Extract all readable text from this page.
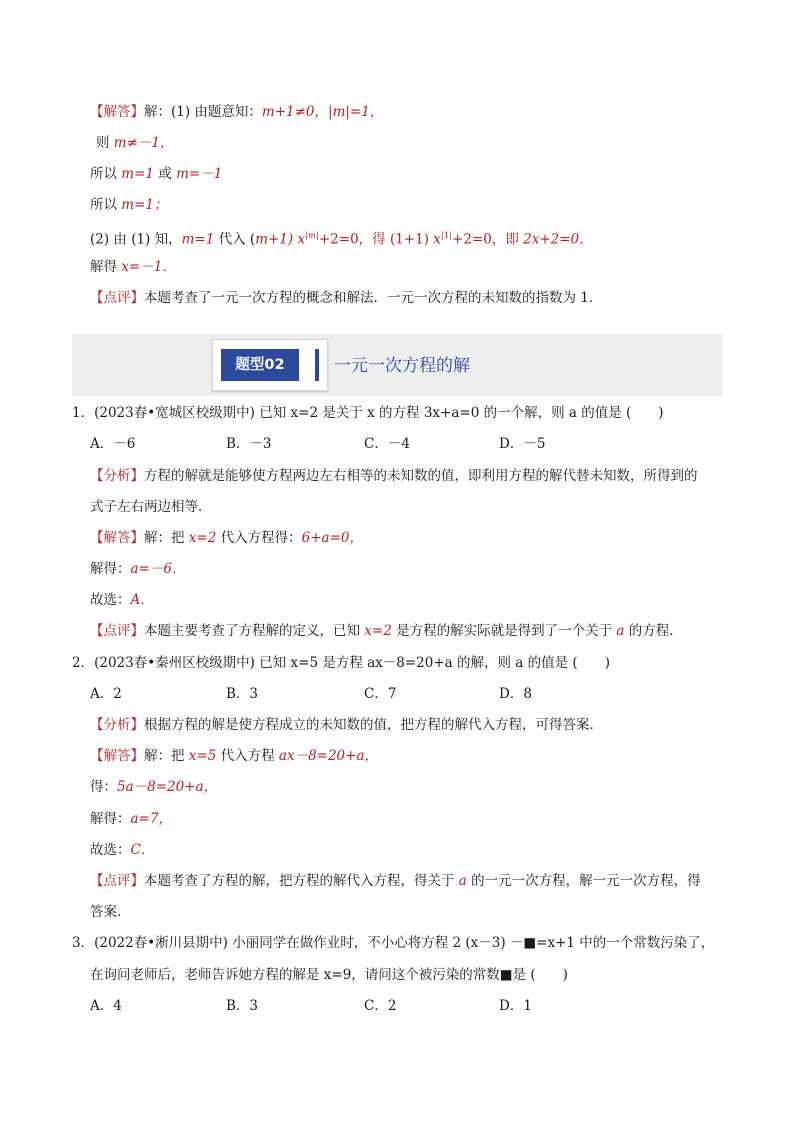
【解答】解：(1) 由题意知：m+1≠0，|m|=1，
则 m≠－1，
所以 m=1 或 m=－1
所以 m=1；
(2) 由 (1) 知，m=1 代入 (m+1) $x^{|m|}+2=0$，得 (1+1) $x^{|1|}+2=0$，即 2x+2=0．
解得 x=－1．
【点评】本题考查了一元一次方程的概念和解法．一元一次方程的未知数的指数为 1．
题型02	一元一次方程的解
1．(2023春•宽城区校级期中) 已知 x=2 是关于 x 的方程 3x+a=0 的一个解，则 a 的值是 (　　)
A．－6	B．－3	C．－4	D．－5
【分析】方程的解就是能够使方程两边左右相等的未知数的值，即利用方程的解代替未知数，所得到的
式子左右两边相等．
【解答】解：把 x=2 代入方程得：6+a=0，
解得：a=－6．
故选：A．
【点评】本题主要考查了方程解的定义，已知 x=2 是方程的解实际就是得到了一个关于 a 的方程．
2．(2023春•秦州区校级期中) 已知 x=5 是方程 ax－8=20+a 的解，则 a 的值是 (　　)
A．2	B．3	C．7	D．8
【分析】根据方程的解是使方程成立的未知数的值，把方程的解代入方程，可得答案．
【解答】解：把 x=5 代入方程 ax－8=20+a，
得：5a－8=20+a，
解得：a=7，
故选：C．
【点评】本题考查了方程的解，把方程的解代入方程，得关于 a 的一元一次方程，解一元一次方程，得
答案．
3．(2022春•淅川县期中) 小丽同学在做作业时，不小心将方程 2 (x－3) －■=x+1 中的一个常数污染了，
在询问老师后，老师告诉她方程的解是 x=9，请问这个被污染的常数■是 (　　)
A．4	B．3	C．2	D．1
